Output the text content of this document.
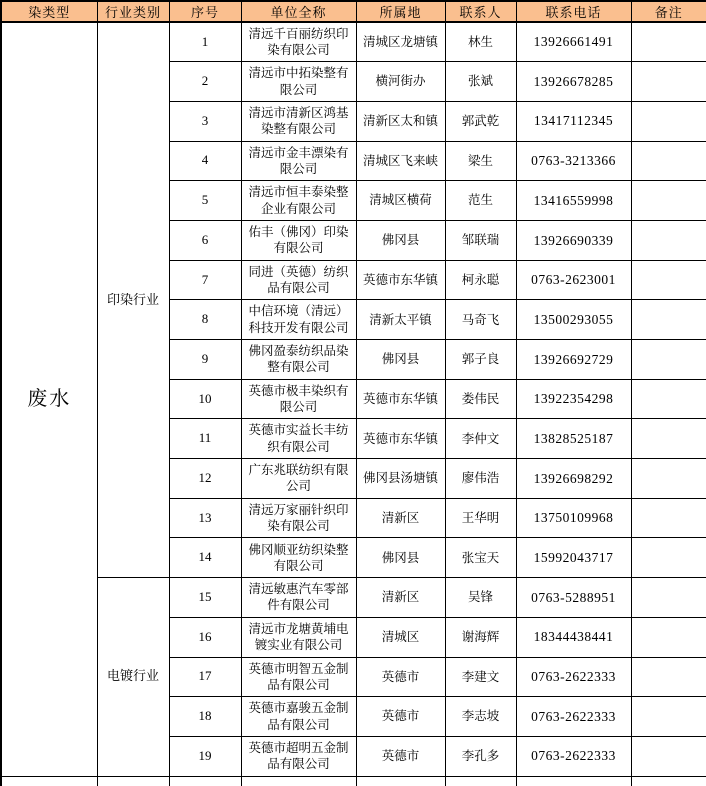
染类型	行业类别	序号	单位全称	所属地	联系人	联系电话	备注
废水	印染行业	1	清远千百丽纺织印染有限公司	清城区龙塘镇	林生	13926661491	
		2	清远市中拓染整有限公司	横河街办	张斌	13926678285	
		3	清远市清新区鸿基染整有限公司	清新区太和镇	郭武乾	13417112345	
		4	清远市金丰漂染有限公司	清城区飞来峡	梁生	0763-3213366	
		5	清远市恒丰泰染整企业有限公司	清城区横荷	范生	13416559998	
		6	佑丰（佛冈）印染有限公司	佛冈县	邹联瑞	13926690339	
		7	同进（英德）纺织品有限公司	英德市东华镇	柯永聪	0763-2623001	
		8	中信环境（清远）科技开发有限公司	清新太平镇	马奇飞	13500293055	
		9	佛冈盈泰纺织品染整有限公司	佛冈县	郭子良	13926692729	
		10	英德市极丰染织有限公司	英德市东华镇	娄伟民	13922354298	
		11	英德市实益长丰纺织有限公司	英德市东华镇	李仲文	13828525187	
		12	广东兆联纺织有限公司	佛冈县汤塘镇	廖伟浩	13926698292	
		13	清远万家丽针织印染有限公司	清新区	王华明	13750109968	
		14	佛冈顺亚纺织染整有限公司	佛冈县	张宝天	15992043717	
	电镀行业	15	清远敏惠汽车零部件有限公司	清新区	吴锋	0763-5288951	
		16	清远市龙塘黄埔电镀实业有限公司	清城区	谢海辉	18344438441	
		17	英德市明智五金制品有限公司	英德市	李建文	0763-2622333	
		18	英德市嘉骏五金制品有限公司	英德市	李志坡	0763-2622333	
		19	英德市超明五金制品有限公司	英德市	李孔多	0763-2622333	
